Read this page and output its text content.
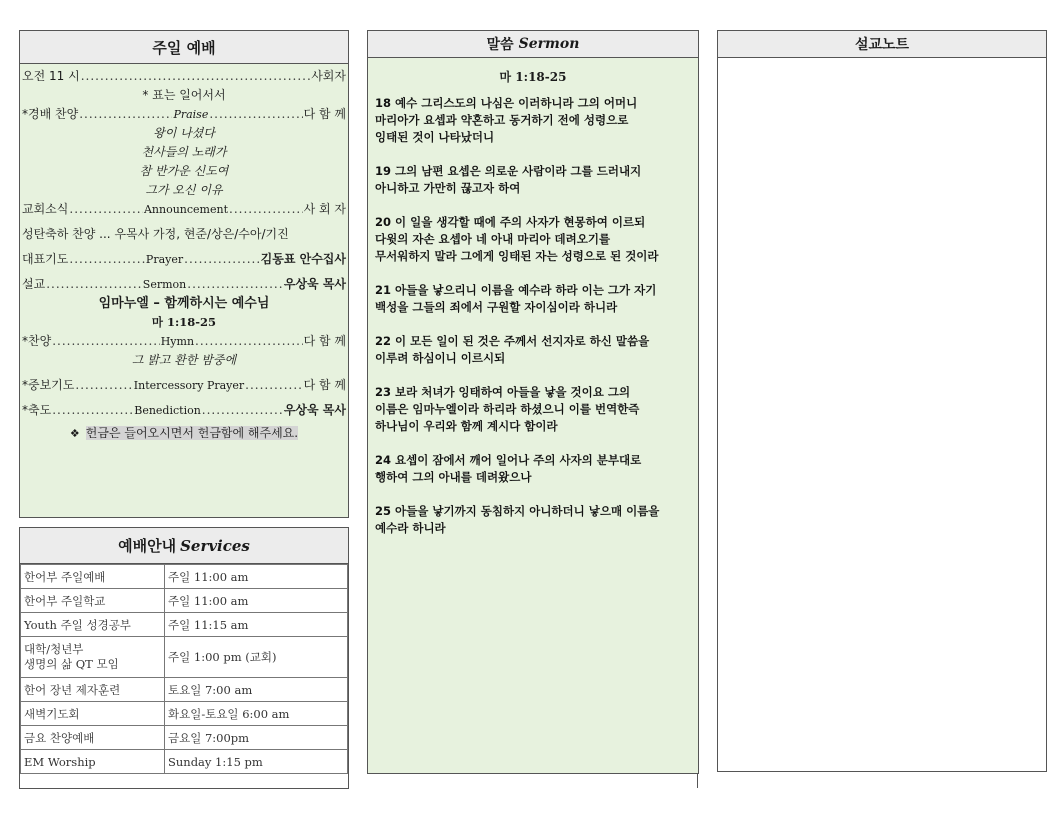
주일 예배
오전 11 시 .....	사회자
* 표는 일어서서
*경배 찬양 .....	Praise .....	다 함 께
왕이 나셨다
천사들의 노래가
참 반가운 신도여
그가 오신 이유
교회소식 .....	Announcement .....	사 회 자
성탄축하 찬양 ... 우목사 가정, 현준/상은/수아/기진
대표기도 .....	Prayer .....	김동표 안수집사
설교 .....	Sermon .....	우상욱 목사
임마누엘 – 함께하시는 예수님
마 1:18-25
*찬양 .....	Hymn .....	다 함 께
그 밝고 환한 밤중에
*중보기도 .....	Intercessory Prayer .....	다 함 께
*축도 .....	Benediction .....	우상욱 목사
❖ 헌금은 들어오시면서 헌금함에 해주세요.
예배안내 Services
한어부 주일예배	주일 11:00 am
한어부 주일학교	주일 11:00 am
Youth 주일 성경공부	주일 11:15 am
대학/청년부
생명의 삶 QT 모임	주일 1:00 pm (교회)
한어 장년 제자훈련	토요일 7:00 am
새벽기도회	화요일-토요일 6:00 am
금요 찬양예배	금요일 7:00pm
EM Worship	Sunday 1:15 pm
말씀 Sermon
마 1:18-25
18 예수 그리스도의 나심은 이러하니라 그의 어머니
마리아가 요셉과 약혼하고 동거하기 전에 성령으로
잉태된 것이 나타났더니
19 그의 남편 요셉은 의로운 사람이라 그를 드러내지
아니하고 가만히 끊고자 하여
20 이 일을 생각할 때에 주의 사자가 현몽하여 이르되
다윗의 자손 요셉아 네 아내 마리아 데려오기를
무서워하지 말라 그에게 잉태된 자는 성령으로 된 것이라
21 아들을 낳으리니 이름을 예수라 하라 이는 그가 자기
백성을 그들의 죄에서 구원할 자이심이라 하니라
22 이 모든 일이 된 것은 주께서 선지자로 하신 말씀을
이루려 하심이니 이르시되
23 보라 처녀가 잉태하여 아들을 낳을 것이요 그의
이름은 임마누엘이라 하리라 하셨으니 이를 번역한즉
하나님이 우리와 함께 계시다 함이라
24 요셉이 잠에서 깨어 일어나 주의 사자의 분부대로
행하여 그의 아내를 데려왔으나
25 아들을 낳기까지 동침하지 아니하더니 낳으매 이름을
예수라 하니라
설교노트
